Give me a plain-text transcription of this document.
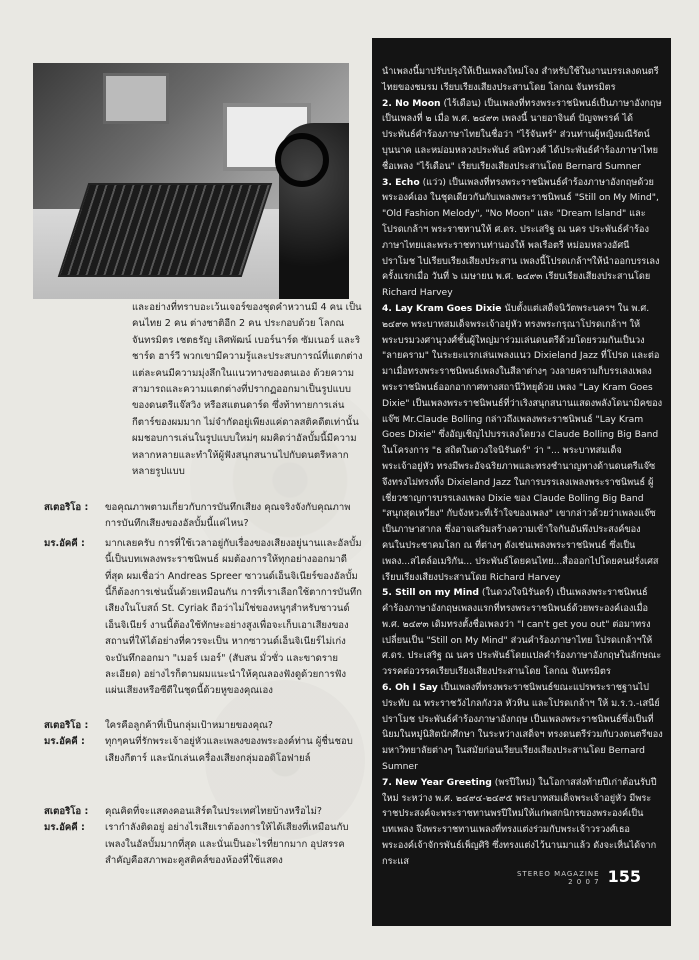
และอย่างที่ทราบอะเว้นเจอร์ของชุดคำหวานมี 4 คน เป็นคนไทย 2 คน ต่างชาติอีก 2 คน ประกอบด้วย โลกณ จันทรมิตร เชตธรัญ เลิศพัฒน์ เบอร์นาร์ด ซัมเนอร์ และริชาร์ด ฮาร์วี พวกเขามีความรู้และประสบการณ์ที่แตกต่าง แต่ละคนมีความมุ่งลึกในแนวทางของตนเอง ด้วยความสามารถและความแตกต่างที่ปรากฏออกมาเป็นรูปแบบของดนตรีแจ๊สวิง หรือสแตนดาร์ด ซึ่งท้าทายการเล่นกีตาร์ของผมมาก ไม่จำกัดอยู่เพียงแค่ดาลสติคดีตเท่านั้น ผมชอบการเล่นในรูปแบบใหม่ๆ ผมคิดว่าอัลบั้มนี้มีความหลากหลายและทำให้ผู้ฟังสนุกสนานไปกับดนตรีหลากหลายรูปแบบ
สเตอริโอ :	ขอคุณภาพตามเกี่ยวกับการบันทึกเสียง คุณจริงจังกับคุณภาพการบันทึกเสียงของอัลบั้มนี้แค่ไหน?
มร.อัคคี :	มากเลยครับ การที่ใช้เวลาอยู่กับเรื่องของเสียงอยู่นานและอัลบั้มนี้เป็นบทเพลงพระราชนิพนธ์ ผมต้องการให้ทุกอย่างออกมาดีที่สุด ผมเชื่อว่า Andreas Spreer ซาวนด์เอ็นจิเนียร์ของอัลบั้มนี้ก็ต้องการเช่นนั้นด้วยเหมือนกัน การที่เราเลือกใช้ตาการบันทึกเสียงในโบสถ์ St. Cyriak ถือว่าไม่ใช่ของหนูๆสำหรับซาวนด์เอ็นจิเนียร์ งานนี้ต้องใช้ทักษะอย่างสูงเพื่อจะเก็บเอาเสียงของสถานที่ให้ได้อย่างที่ควรจะเป็น หากซาวนด์เอ็นจิเนียร์ไม่เก่งจะบันทึกออกมา "เมอร์ เมอร์" (สับสน มั่วซั่ว และขาดรายละเอียด) อย่างไรก็ตามผมแนะนำให้คุณลองฟังดูด้วยการฟังแผ่นเสียงหรือซีดีในชุดนี้ด้วยหูของคุณเอง
สเตอริโอ :	ใครคือลูกค้าที่เป็นกลุ่มเป้าหมายของคุณ?
มร.อัคคี :	ทุกๆคนที่รักพระเจ้าอยู่หัวและเพลงของพระองค์ท่าน ผู้ชื่นชอบเสียงกีตาร์ และนักเล่นเครื่องเสียงกลุ่มออดิโอฟายล์
สเตอริโอ :	คุณคิดที่จะแสดงคอนเสิร์ตในประเทศไทยบ้างหรือไม่?
มร.อัคคี :	เรากำลังติดอยู่ อย่างไรเสียเราต้องการให้ได้เสียงที่เหมือนกับเพลงในอัลบั้มมากที่สุด และนั่นเป็นอะไรที่ยากมาก อุปสรรคสำคัญคือสภาพอะคูสติคส์ของห้องที่ใช้แสดง

นำเพลงนี้มาปรับปรุงให้เป็นเพลงใหม่โจง สำหรับใช้ในงานบรรเลงดนตรีไทยของชมรม เรียบเรียงเสียงประสานโดย โลกณ จันทรมิตร

2. No Moon (ไร้เดือน) เป็นเพลงที่ทรงพระราชนิพนธ์เป็นภาษาอังกฤษเป็นเพลงที่ ๒ เมื่อ พ.ศ. ๒๔๙๓ เพลงนี้ นายอาจินต์ ปัญจพรรค์ ได้ประพันธ์คำร้องภาษาไทยในชื่อว่า "ไร้จันทร์" ส่วนท่านผู้หญิงมณีรัตน์ บุนนาค และหม่อมหลวงประพันธ์ สนิทวงศ์ ได้ประพันธ์คำร้องภาษาไทยชื่อเพลง "ไร้เดือน" เรียบเรียงเสียงประสานโดย Bernard Sumner

3. Echo (แว่ว) เป็นเพลงที่ทรงพระราชนิพนธ์คำร้องภาษาอังกฤษด้วยพระองค์เอง ในชุดเดียวกันกับเพลงพระราชนิพนธ์ "Still on My Mind", "Old Fashion Melody", "No Moon" และ "Dream Island" และโปรดเกล้าฯ พระราชทานให้ ศ.ดร. ประเสริฐ ณ นคร ประพันธ์คำร้องภาษาไทยและพระราชทานท่านองให้ พลเรือตรี หม่อมหลวงอัศนี ปราโมช ไปเรียบเรียงเสียงประสาน เพลงนี้โปรดเกล้าฯให้นำออกบรรเลงครั้งแรกเมื่อ วันที่ ๖ เมษายน พ.ศ. ๒๔๙๓ เรียบเรียงเสียงประสานโดย Richard Harvey

4. Lay Kram Goes Dixie นับตั้งแต่เสด็จนิวัตพระนครฯ ใน พ.ศ. ๒๔๙๓ พระบาทสมเด็จพระเจ้าอยู่หัว ทรงพระกรุณาโปรดเกล้าฯ ให้พระบรมวงศานุวงศ์ชั้นผู้ใหญ่มาร่วมเล่นดนตรีด้วยโดยรวมกันเป็นวง "ลายคราม" ในระยะแรกเล่นเพลงแนว Dixieland Jazz ที่โปรด และต่อมาเมื่อทรงพระราชนิพนธ์เพลงในสีลาต่างๆ วงลายครามก็บรรเลงเพลงพระราชนิพนธ์ออกอากาศทางสถานีวิทยุด้วย เพลง "Lay Kram Goes Dixie" เป็นเพลงพระราชนิพนธ์ที่ว่าเริงสนุกสนานแสดงพลังโดนามิคของแจ๊ซ Mr.Claude Bolling กล่าวถึงเพลงพระราชนิพนธ์ "Lay Kram Goes Dixie" ซึ่งอัญเชิญไปบรรเลงโดยวง Claude Bolling Big Band ในโครงการ "ธ สถิตในดวงใจนิรันดร์" ว่า "... พระบาทสมเด็จพระเจ้าอยู่หัว ทรงมีพระอัจฉริยภาพและทรงชำนาญทางด้านดนตรีแจ๊ซ จึงทรงไม่ทรงทิ้ง Dixieland Jazz ในการบรรเลงเพลงพระราชนิพนธ์ ผู้เชี่ยวชาญการบรรเลงเพลง Dixie ของ Claude Bolling Big Band "สนุกสุดเหวี่ยง" กับจังหวะที่เร้าใจของเพลง" เขากล่าวด้วยว่าเพลงแจ๊ซเป็นภาษาสากล ซึ่งอาจเสริมสร้างความเข้าใจกันอันพึงประสงค์ของคนในประชาคมโลก ณ ที่ต่างๆ ดังเช่นเพลงพระราชนิพนธ์ ซึ่งเป็นเพลง...สไตล์อเมริกัน... ประพันธ์โดยคนไทย...สื่อออกไปโดยคนฝรั่งเศส เรียบเรียงเสียงประสานโดย Richard Harvey

5. Still on my Mind (ในดวงใจนิรันดร์) เป็นเพลงพระราชนิพนธ์คำร้องภาษาอังกฤษเพลงแรกที่ทรงพระราชนิพนธ์ด้วยพระองค์เองเมื่อ พ.ศ. ๒๔๙๓ เดิมทรงตั้งชื่อเพลงว่า "I can't get you out" ต่อมาทรงเปลี่ยนเป็น "Still on My Mind" ส่วนคำร้องภาษาไทย โปรดเกล้าฯให้ ศ.ดร. ประเสริฐ ณ นคร ประพันธ์โดยแปลคำร้องภาษาอังกฤษในลักษณะวรรคต่อวรรคเรียบเรียงเสียงประสานโดย โลกณ จันทรมิตร

6. Oh I Say เป็นเพลงที่ทรงพระราชนิพนธ์ขณะแปรพระราชฐานไปประทับ ณ พระราชวังไกลกังวล หัวหิน และโปรดเกล้าฯ ให้ ม.ร.ว.-เสนีย์ ปราโมช ประพันธ์คำร้องภาษาอังกฤษ เป็นเพลงพระราชนิพนธ์ซึ่งเป็นที่นิยมในหมู่นิสิตนักศึกษา ในระหว่างเสด็จฯ ทรงดนตรีร่วมกับวงดนตรีของมหาวิทยาลัยต่างๆ ในสมัยก่อนเรียบเรียงเสียงประสานโดย Bernard Sumner

7. New Year Greeting (พรปีใหม่) ในโอกาสส่งท้ายปีเก่าต้อนรับปีใหม่ ระหว่าง พ.ศ. ๒๔๙๔-๒๔๙๕ พระบาทสมเด็จพระเจ้าอยู่หัว มีพระราชประสงค์จะพระราชทานพรปีใหม่ให้แก่พสกนิกรของพระองค์เป็นบทเพลง จึงพระราชทานเพลงที่ทรงแต่งร่วมกับพระเจ้าวรวงศ์เธอ พระองค์เจ้าจักรพันธ์เพ็ญศิริ ซึ่งทรงแต่งไว้นานมาแล้ว ดังจะเห็นได้จากกระแส

STEREO MAGAZINE
2 0 0 7 155
